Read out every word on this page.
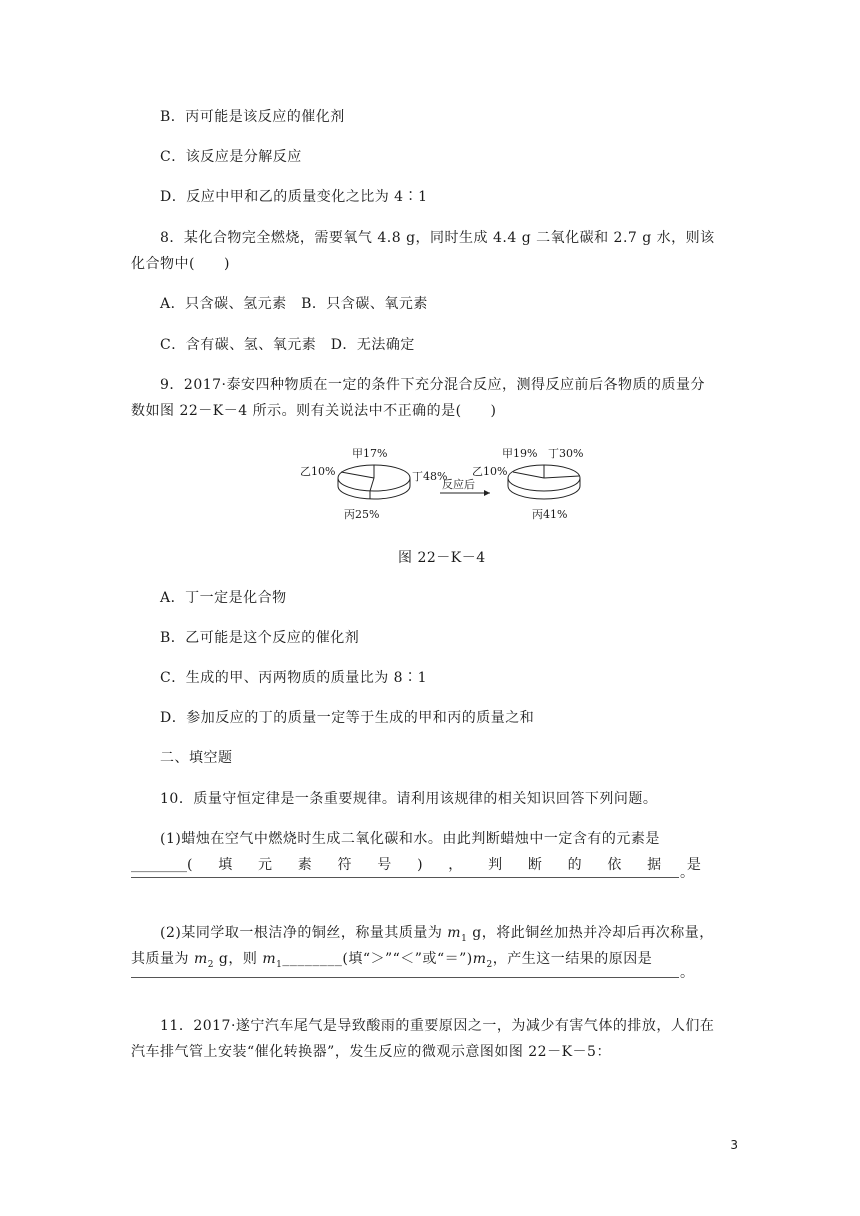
B．丙可能是该反应的催化剂
C．该反应是分解反应
D．反应中甲和乙的质量变化之比为 4∶1
8．某化合物完全燃烧，需要氧气 4.8 g，同时生成 4.4 g 二氧化碳和 2.7 g 水，则该
化合物中(　　)
A．只含碳、氢元素　B．只含碳、氧元素
C．含有碳、氢、氧元素　D．无法确定
9．2017·泰安四种物质在一定的条件下充分混合反应，测得反应前后各物质的质量分
数如图 22－K－4 所示。则有关说法中不正确的是(　　)
甲17%
乙10%	丁48%
丙25%
反应后
甲19% 丁30%
乙10%
丙41%
图 22－K－4
A．丁一定是化合物
B．乙可能是这个反应的催化剂
C．生成的甲、丙两物质的质量比为 8∶1
D．参加反应的丁的质量一定等于生成的甲和丙的质量之和
二、填空题
10．质量守恒定律是一条重要规律。请利用该规律的相关知识回答下列问题。
(1)蜡烛在空气中燃烧时生成二氧化碳和水。由此判断蜡烛中一定含有的元素是
________( 填 元 素 符 号 ) ， 判 断 的 依 据 是
。
(2)某同学取一根洁净的铜丝，称量其质量为 $m_1$ g，将此铜丝加热并冷却后再次称量，
其质量为 $m_2$ g，则 $m_1\_\_\_\_\_\_\_\_$(填“＞”“＜”或“$=”)m_2$，产生这一结果的原因是
。
11．2017·遂宁汽车尾气是导致酸雨的重要原因之一，为减少有害气体的排放，人们在
汽车排气管上安装“催化转换器”，发生反应的微观示意图如图 22－K－5：
3
